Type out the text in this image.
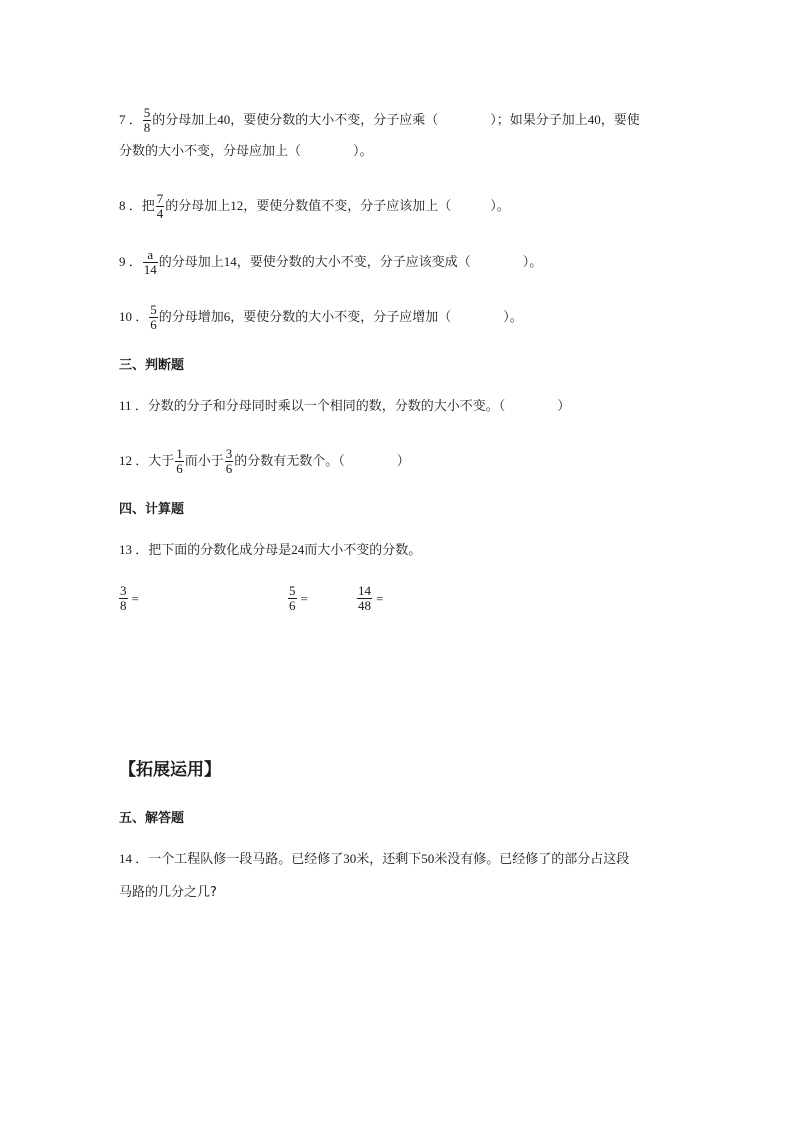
7 ． $\frac{5}{8}$ 的分母加上40，要使分数的大小不变，分子应乘（　　　　）；如果分子加上40，要使
分数的大小不变，分母应加上（　　　　）。
8 ．把 $\frac{7}{4}$ 的分母加上12，要使分数值不变，分子应该加上（　　　）。
9 ． $\frac{a}{14}$ 的分母加上14，要使分数的大小不变，分子应该变成（　　　　）。
10 ． $\frac{5}{6}$ 的分母增加6，要使分数的大小不变，分子应增加（　　　　）。
三、判断题
11 ．分数的分子和分母同时乘以一个相同的数，分数的大小不变。（　　　　）
12 ．大于 $\frac{1}{6}$ 而小于 $\frac{3}{6}$ 的分数有无数个。（　　　　）
四、计算题
13 ．把下面的分数化成分母是24而大小不变的分数。
$\frac{3}{8}$ =	$\frac{5}{6}$ =	$\frac{14}{48}$ =
【拓展运用】
五、解答题
14 ．一个工程队修一段马路。已经修了30米，还剩下50米没有修。已经修了的部分占这段
马路的几分之几?
